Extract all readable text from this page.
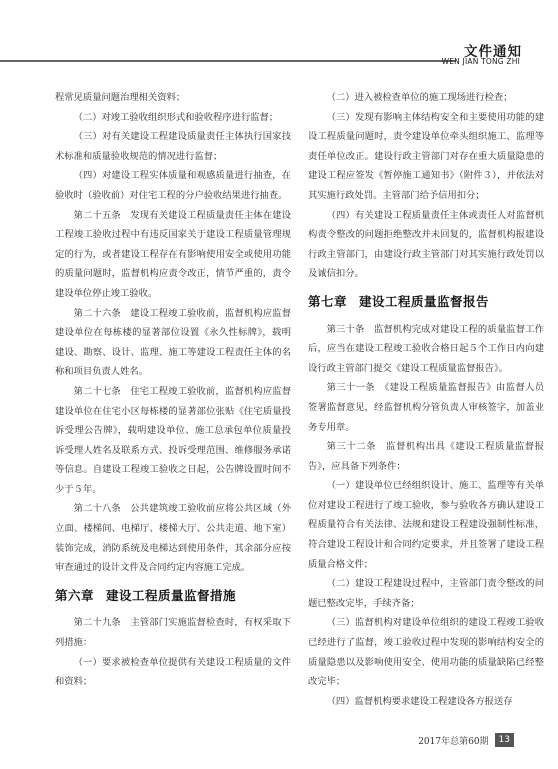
文件通知
WEN JIAN TONG ZHI

程常见质量问题治理相关资料；

（二）对竣工验收组织形式和验收程序进行监督；

（三）对有关建设工程建设质量责任主体执行国家技术标准和质量验收规范的情况进行监督；

（四）对建设工程实体质量和观感质量进行抽查，在验收时（验收前）对住宅工程的分户验收结果进行抽查。

第二十五条　发现有关建设工程质量责任主体在建设工程竣工验收过程中有违反国家关于建设工程质量管理规定的行为，或者建设工程存在有影响使用安全或使用功能的质量问题时，监督机构应责令改正，情节严重的，责令建设单位停止竣工验收。

第二十六条　建设工程竣工验收前，监督机构应监督建设单位在每栋楼的显著部位设置《永久性标牌》，载明建设、勘察、设计、监理、施工等建设工程责任主体的名称和项目负责人姓名。

第二十七条　住宅工程竣工验收前，监督机构应监督建设单位在住宅小区每栋楼的显著部位张贴《住宅质量投诉受理公告牌》，载明建设单位、施工总承包单位质量投诉受理人姓名及联系方式、投诉受理范围、维修服务承诺等信息。自建设工程竣工验收之日起，公告牌设置时间不少于５年。

第二十八条　公共建筑竣工验收前应将公共区域（外立面、楼梯间、电梯厅、楼梯大厅、公共走道、地下室）装饰完成，消防系统及电梯达到使用条件，其余部分应按审查通过的设计文件及合同约定内容施工完成。

第六章 建设工程质量监督措施

第二十九条　主管部门实施监督检查时，有权采取下列措施：

（一）要求被检查单位提供有关建设工程质量的文件和资料；

（二）进入被检查单位的施工现场进行检查；

（三）发现有影响主体结构安全和主要使用功能的建设工程质量问题时，责令建设单位牵头组织施工、监理等责任单位改正。建设行政主管部门对存在重大质量隐患的建设工程应签发《暂停施工通知书》（附件３），并依法对其实施行政处罚。主管部门给予信用扣分；

（四）有关建设工程质量责任主体或责任人对监督机构责令整改的问题拒绝整改并未回复的，监督机构报建设行政主管部门，由建设行政主管部门对其实施行政处罚以及诚信扣分。

第七章 建设工程质量监督报告

第三十条　监督机构完成对建设工程的质量监督工作后，应当在建设工程竣工验收合格日起５个工作日内向建设行政主管部门提交《建设工程质量监督报告》。

第三十一条　《建设工程质量监督报告》由监督人员签署监督意见，经监督机构分管负责人审核签字，加盖业务专用章。

第三十二条　监督机构出具《建设工程质量监督报告》，应具备下列条件：

（一）建设单位已经组织设计、施工、监理等有关单位对建设工程进行了竣工验收，参与验收各方确认建设工程质量符合有关法律、法规和建设工程建设强制性标准，符合建设工程设计和合同约定要求，并且签署了建设工程质量合格文件；

（二）建设工程建设过程中，主管部门责令整改的问题已整改完毕，手续齐备；

（三）监督机构对建设单位组织的建设工程竣工验收已经进行了监督，竣工验收过程中发现的影响结构安全的质量隐患以及影响使用安全、使用功能的质量缺陷已经整改完毕；

（四）监督机构要求建设工程建设各方报送存

2017年总第60期	13
